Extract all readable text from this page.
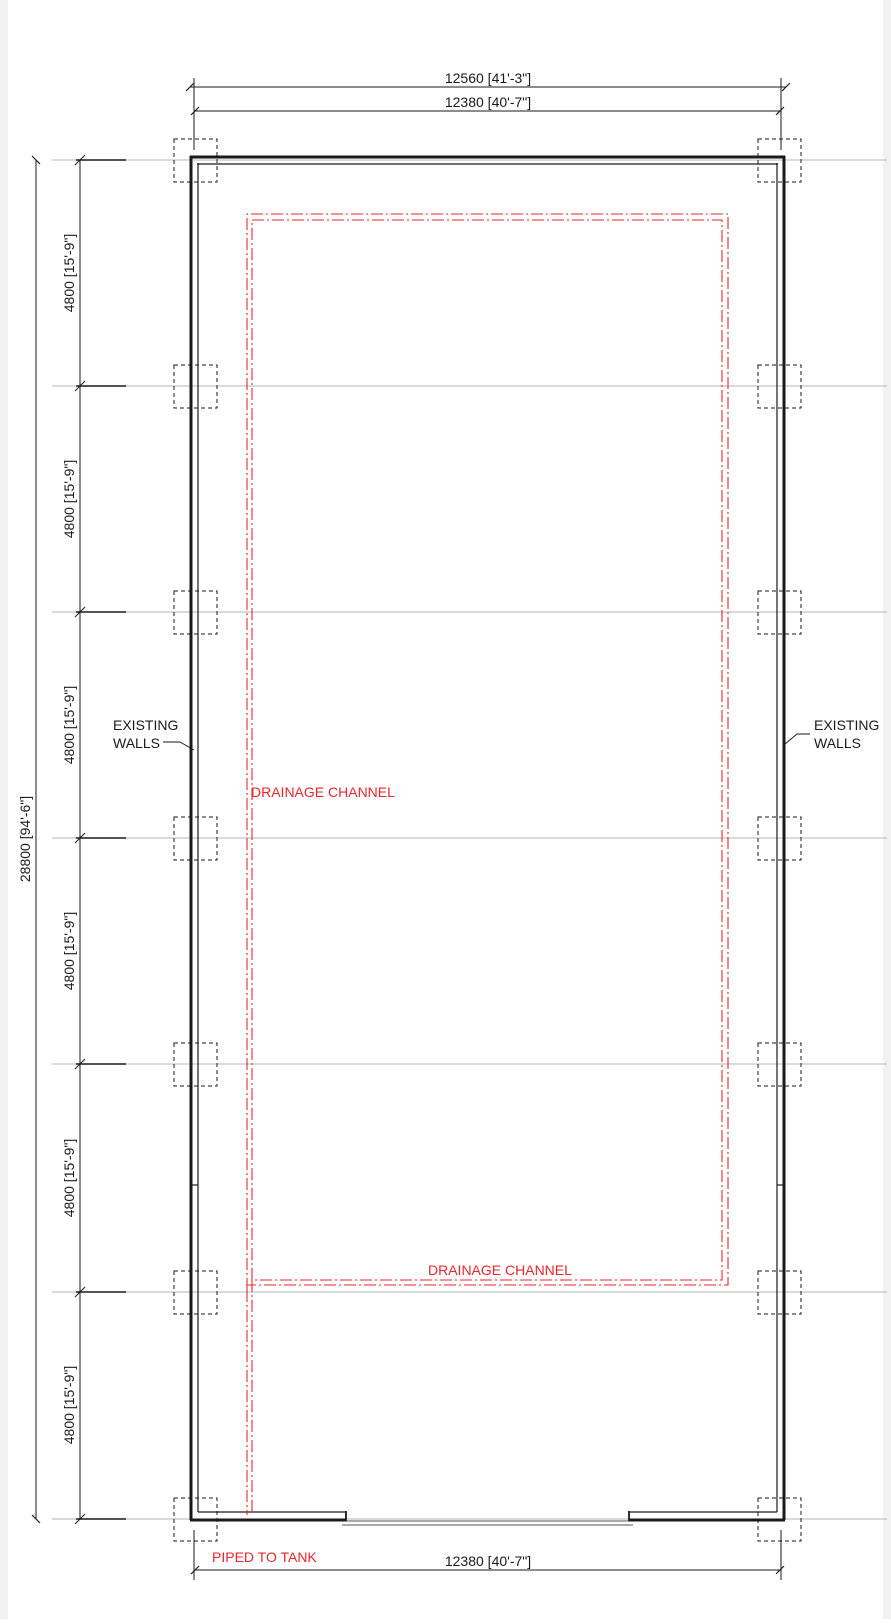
12560 [41'-3"]
12380 [40'-7"]
12380 [40'-7"]
28800 [94'-6"]
4800 [15'-9"]
4800 [15'-9"]
4800 [15'-9"]
4800 [15'-9"]
4800 [15'-9"]
4800 [15'-9"]
EXISTING
WALLS
EXISTING
WALLS
DRAINAGE CHANNEL
DRAINAGE CHANNEL
PIPED TO TANK
